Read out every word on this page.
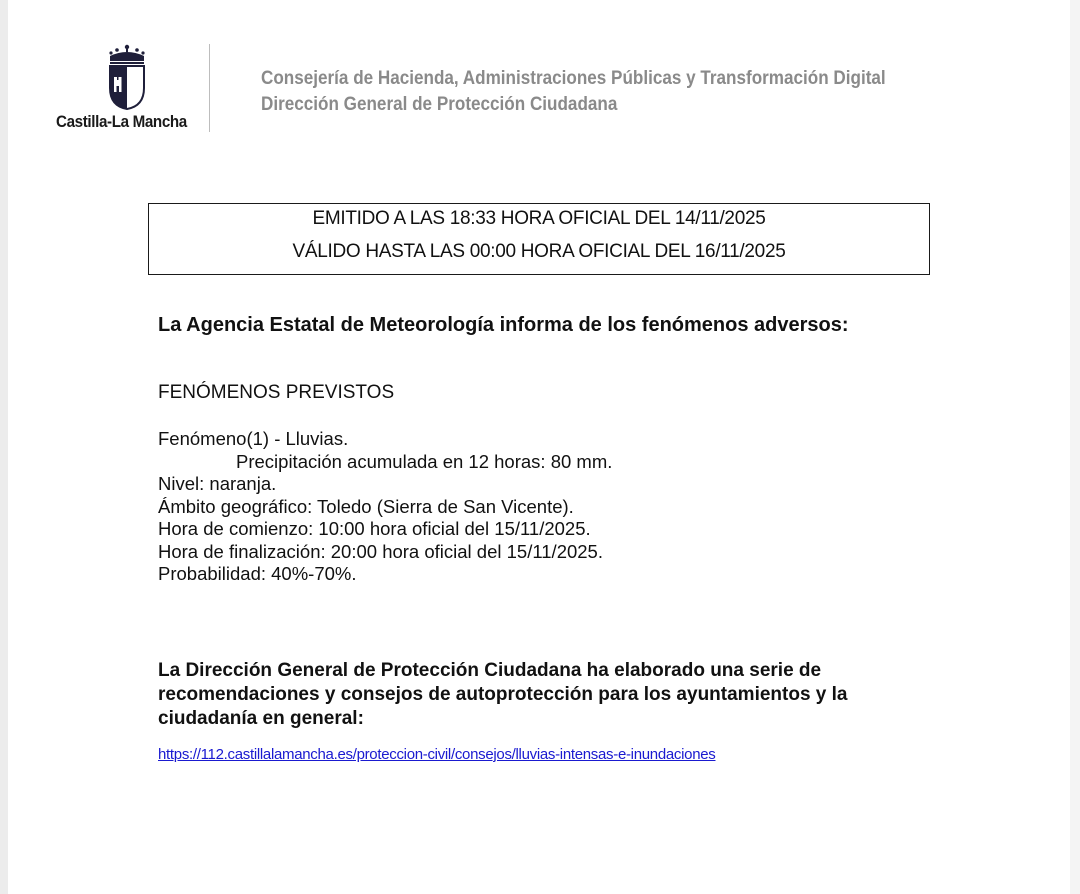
Castilla-La Mancha
Consejería de Hacienda, Administraciones Públicas y Transformación Digital
Dirección General de Protección Ciudadana
EMITIDO A LAS 18:33 HORA OFICIAL DEL 14/11/2025
VÁLIDO HASTA LAS 00:00 HORA OFICIAL DEL 16/11/2025
La Agencia Estatal de Meteorología informa de los fenómenos adversos:
FENÓMENOS PREVISTOS
Fenómeno(1) - Lluvias.
Precipitación acumulada en 12 horas: 80 mm.
Nivel: naranja.
Ámbito geográfico: Toledo (Sierra de San Vicente).
Hora de comienzo: 10:00 hora oficial del 15/11/2025.
Hora de finalización: 20:00 hora oficial del 15/11/2025.
Probabilidad: 40%-70%.
La Dirección General de Protección Ciudadana ha elaborado una serie de recomendaciones y consejos de autoprotección para los ayuntamientos y la ciudadanía en general:
https://112.castillalamancha.es/proteccion-civil/consejos/lluvias-intensas-e-inundaciones
